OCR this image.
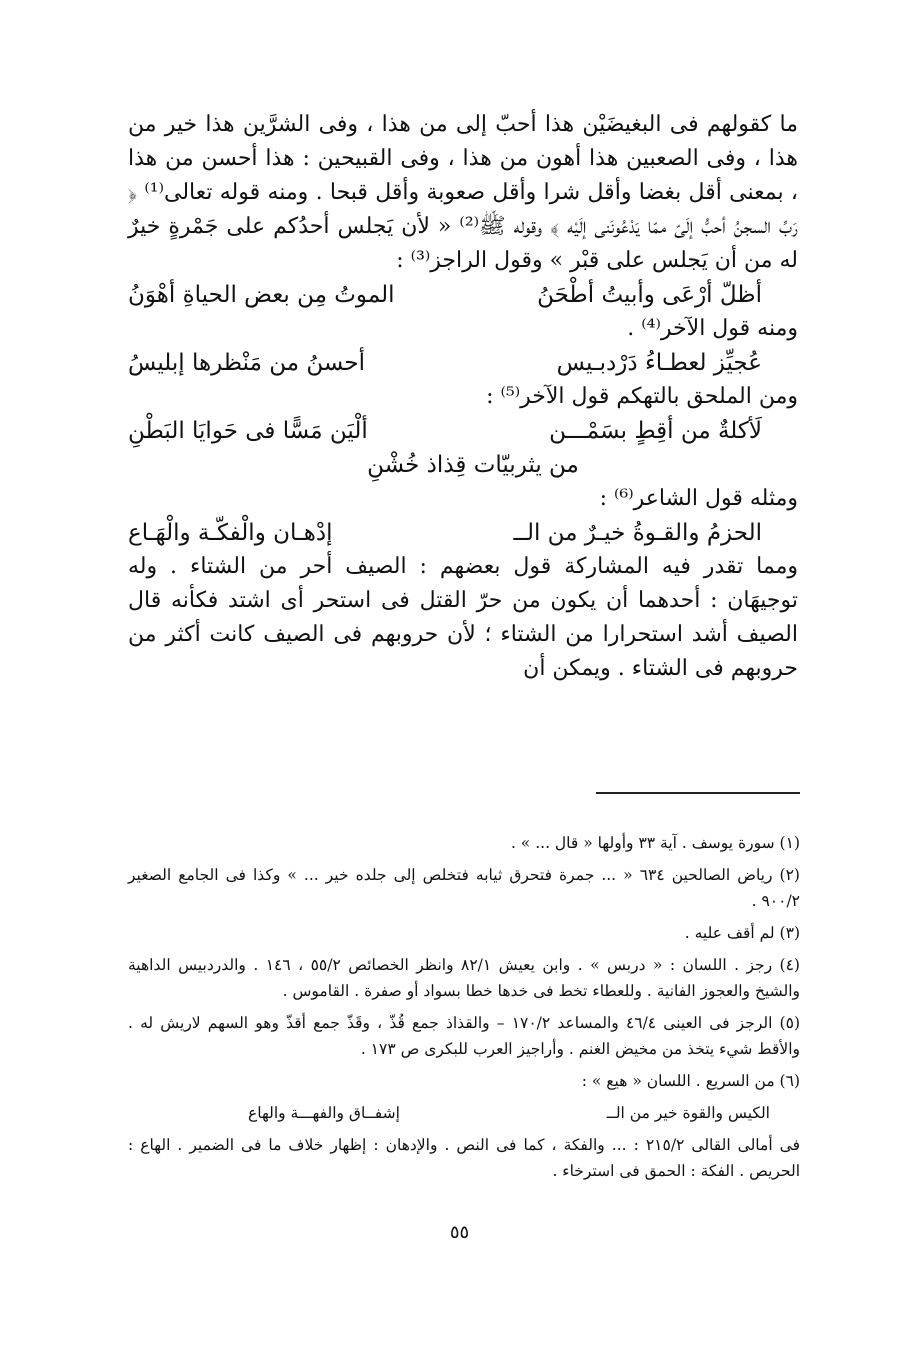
ما كقولهم فى البغيضَيْن هذا أحبّ إلى من هذا ، وفى الشرَّين هذا خير من هذا ، وفى الصعبين هذا أهون من هذا ، وفى القبيحين : هذا أحسن من هذا ، بمعنى أقل بغضا وأقل شرا وأقل صعوبة وأقل قبحا . ومنه قوله تعالى⁽¹⁾ ﴿ رَبِّ السجنُ أحبُّ إلَىّ ممّا يَدْعُونَنى إلَيْه ﴾ وقوله ﷺ⁽²⁾ « لأن يَجلس أحدُكم على جَمْرةٍ خيرٌ له من أن يَجلس على قبْر » وقول الراجز⁽³⁾ :

أظلّ أرْعَى وأبيتُ أطْحَنُ
الموتُ مِن بعض الحياةِ أهْوَنُ

ومنه قول الآخر⁽⁴⁾ .

عُجيِّز لعطـاءُ دَرْدبـيس
أحسنُ من مَنْظرها إبليسُ

ومن الملحق بالتهكم قول الآخر⁽⁵⁾ :

لَأكلةٌ من أقِطٍ بسَمْـــن
ألْيَن مَسًّا فى حَوايَا البَطْنِ

من يثربيّات قِذاذ خُشْنِ

ومثله قول الشاعر⁽⁶⁾ :

الحزمُ والقـوةُ خيـرٌ من الــ
إدْهـان والْفكّـة والْهَـاع

ومما تقدر فيه المشاركة قول بعضهم : الصيف أحر من الشتاء . وله توجيهَان : أحدهما أن يكون من حرّ القتل فى استحر أى اشتد فكأنه قال الصيف أشد استحرارا من الشتاء ؛ لأن حروبهم فى الصيف كانت أكثر من حروبهم فى الشتاء . ويمكن أن

(١) سورة يوسف . آية ٣٣ وأولها « قال ... » .

(٢) رياض الصالحين ٦٣٤ « ... جمرة فتحرق ثيابه فتخلص إلى جلده خير ... » وكذا فى الجامع الصغير ٩٠٠/٢ .

(٣) لم أقف عليه .

(٤) رجز . اللسان : « دربس » . وابن يعيش ٨٢/١ وانظر الخصائص ٥٥/٢ ، ١٤٦ . والدردبيس الداهية والشيخ والعجوز الفانية . وللعطاء تخط فى خدها خطا بسواد أو صفرة . القاموس .

(٥) الرجز فى العينى ٤٦/٤ والمساعد ١٧٠/٢ – والقذاذ جمع قُذّ ، وقَذّ جمع أقذّ وهو السهم لاريش له . والأقط شيء يتخذ من مخيض الغنم . وأراجيز العرب للبكرى ص ١٧٣ .

(٦) من السريع . اللسان « هيع » :

الكيس والقوة خير من الــ
إشفــاق والفهـــة والهاع

فى أمالى القالى ٢١٥/٢ : ... والفكة ، كما فى النص . والإدهان : إظهار خلاف ما فى الضمير . الهاع : الحريص . الفكة : الحمق فى استرخاء .

٥٥
